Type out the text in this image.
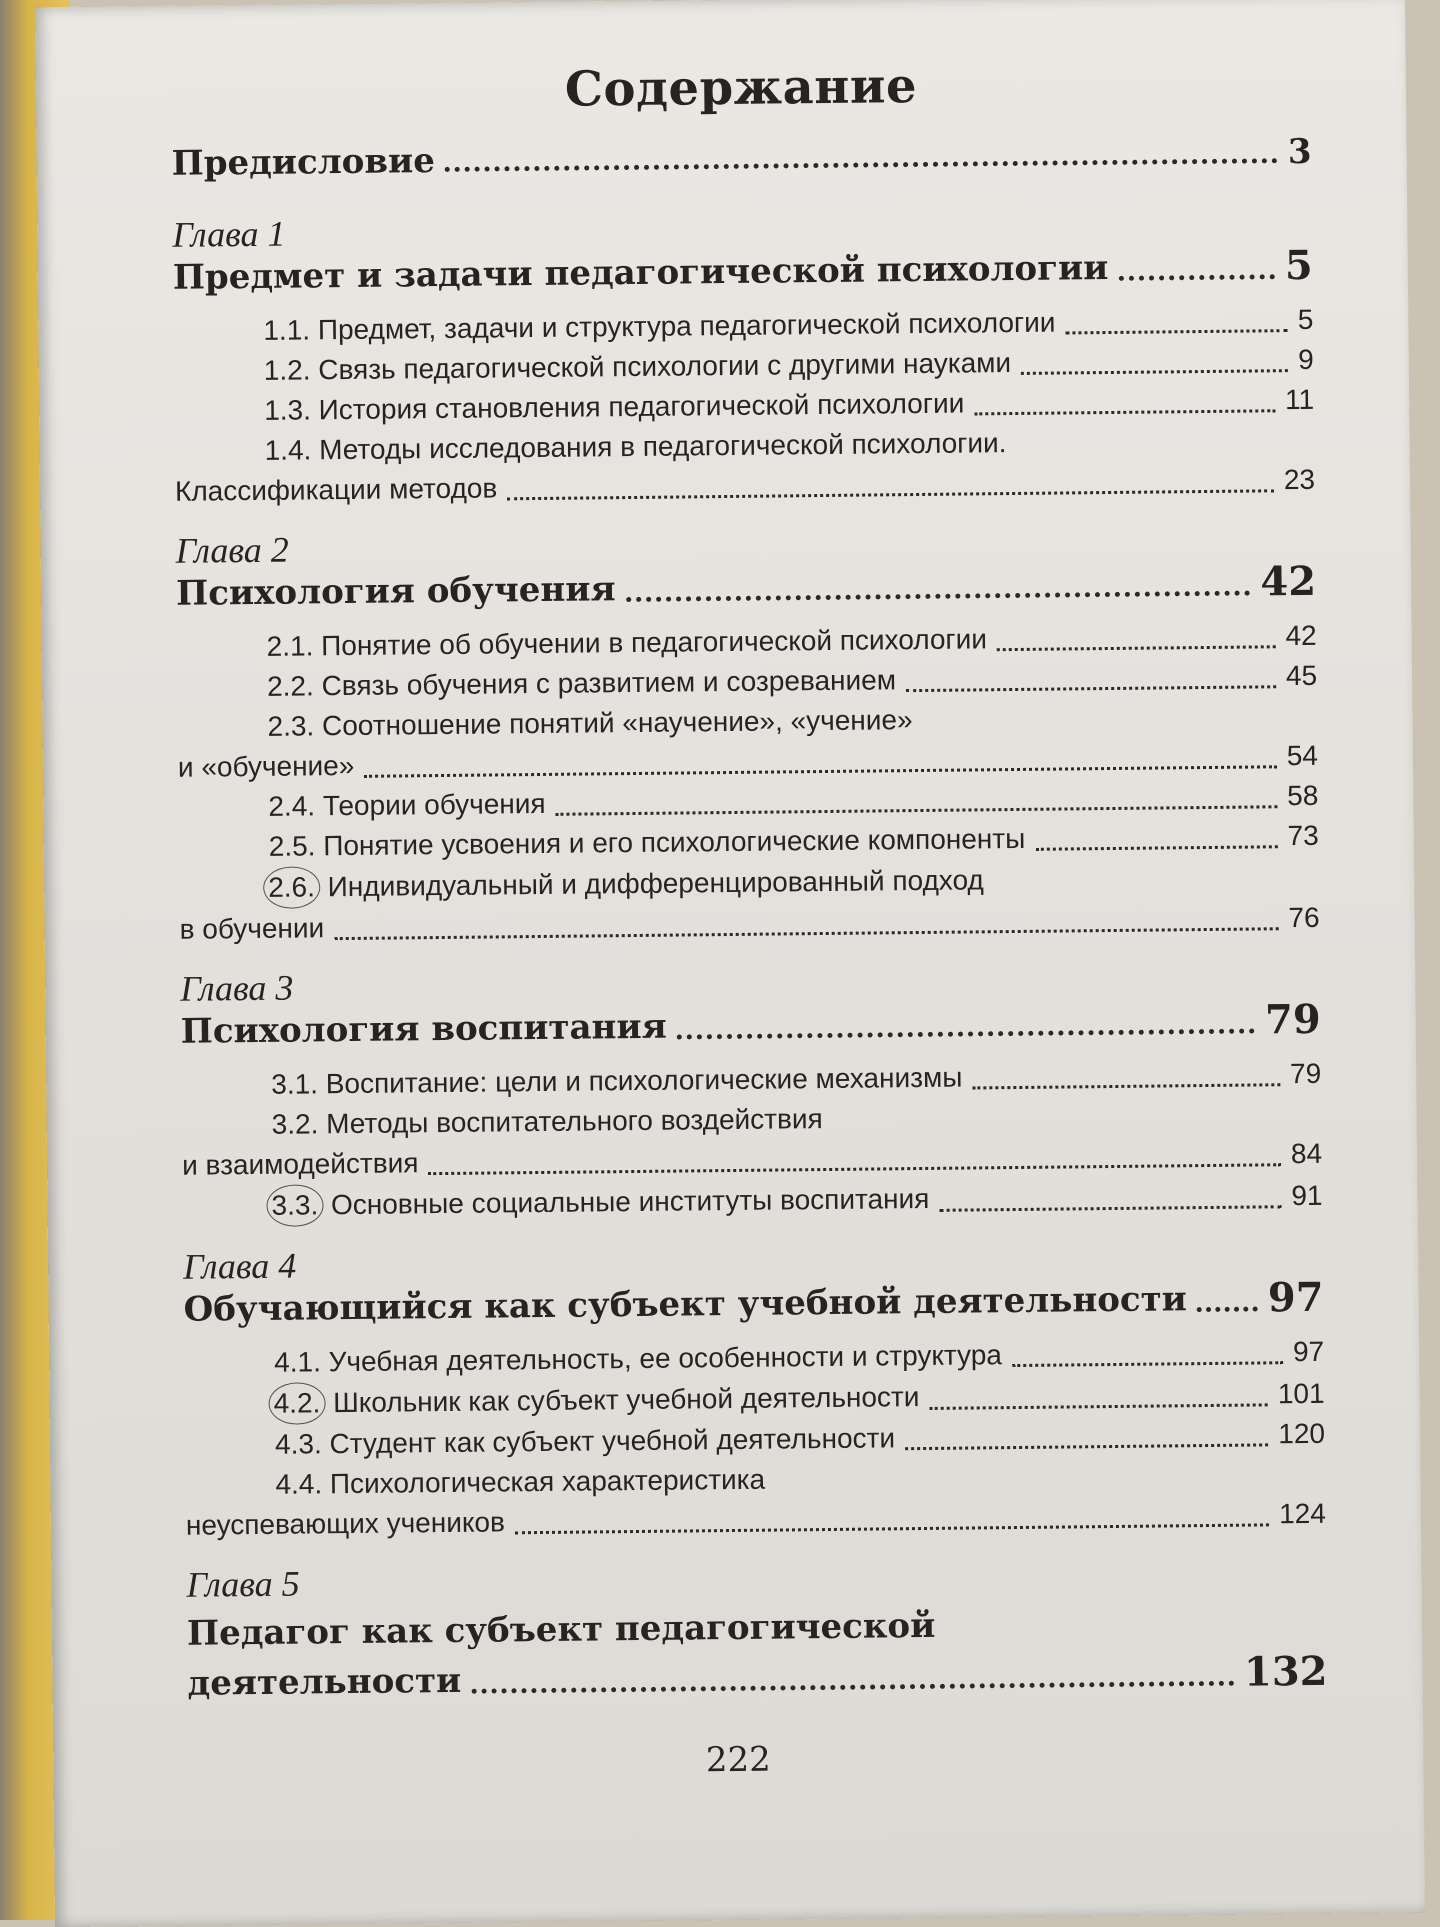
Содержание
Предисловие	3
Глава 1
Предмет и задачи педагогической психологии	5
1.1. Предмет, задачи и структура педагогической психологии	5
1.2. Связь педагогической психологии с другими науками	9
1.3. История становления педагогической психологии	11
1.4. Методы исследования в педагогической психологии.
Классификации методов	23
Глава 2
Психология обучения	42
2.1. Понятие об обучении в педагогической психологии	42
2.2. Связь обучения с развитием и созреванием	45
2.3. Соотношение понятий «научение», «учение»
и «обучение»	54
2.4. Теории обучения	58
2.5. Понятие усвоения и его психологические компоненты	73
2.6. Индивидуальный и дифференцированный подход
в обучении	76
Глава 3
Психология воспитания	79
3.1. Воспитание: цели и психологические механизмы	79
3.2. Методы воспитательного воздействия
и взаимодействия	84
3.3. Основные социальные институты воспитания	91
Глава 4
Обучающийся как субъект учебной деятельности 97
4.1. Учебная деятельность, ее особенности и структура	97
4.2. Школьник как субъект учебной деятельности	101
4.3. Студент как субъект учебной деятельности	120
4.4. Психологическая характеристика
неуспевающих учеников	124
Глава 5
Педагог как субъект педагогической
деятельности	132
222
